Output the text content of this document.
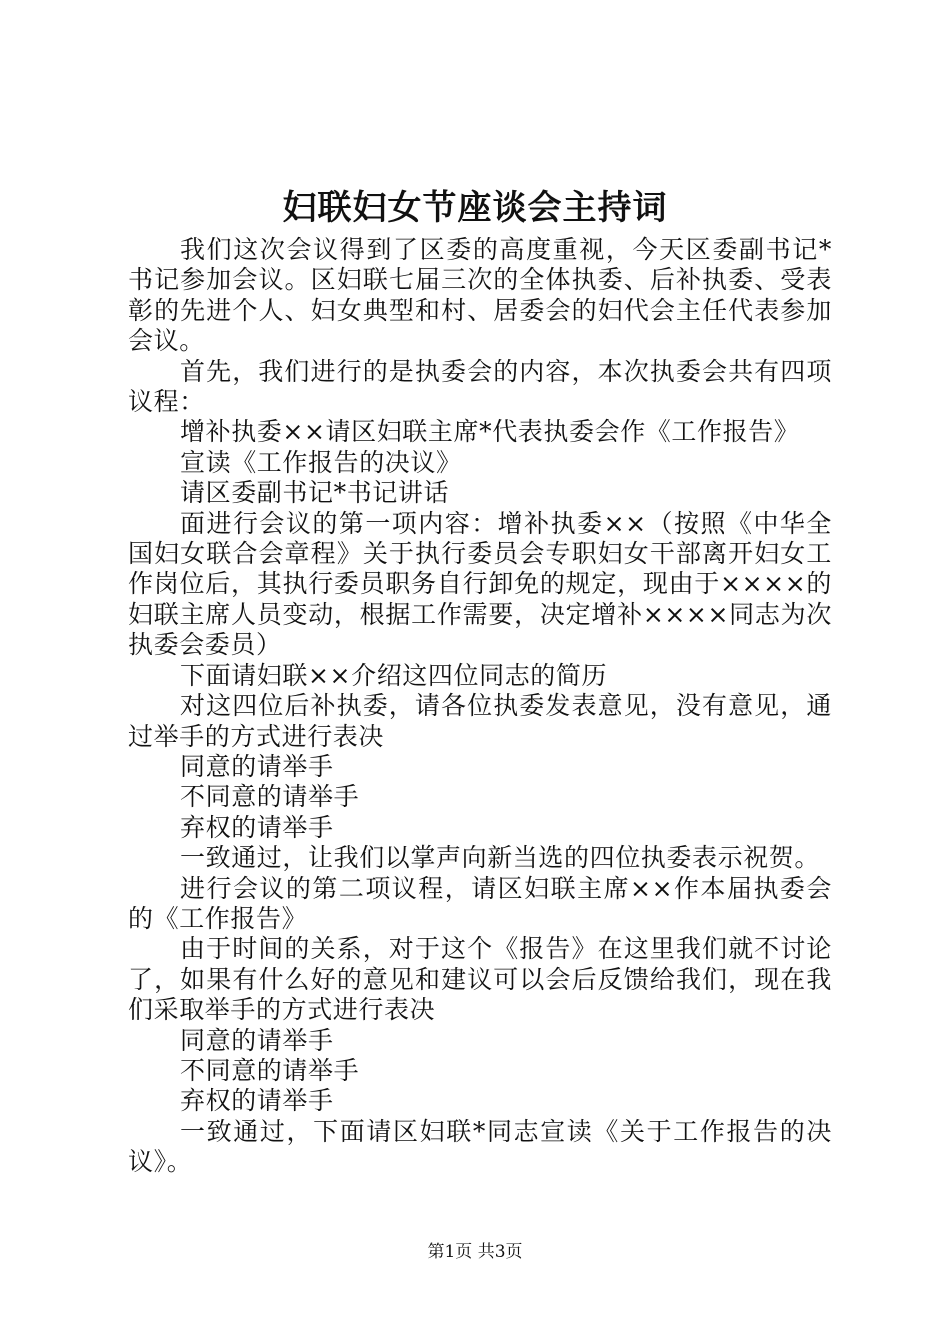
妇联妇女节座谈会主持词

我们这次会议得到了区委的高度重视，今天区委副书记*书记参加会议。区妇联七届三次的全体执委、后补执委、受表彰的先进个人、妇女典型和村、居委会的妇代会主任代表参加会议。

首先，我们进行的是执委会的内容，本次执委会共有四项议程：

增补执委××请区妇联主席*代表执委会作《工作报告》

宣读《工作报告的决议》

请区委副书记*书记讲话

面进行会议的第一项内容：增补执委××（按照《中华全国妇女联合会章程》关于执行委员会专职妇女干部离开妇女工作岗位后，其执行委员职务自行卸免的规定，现由于××××的妇联主席人员变动，根据工作需要，决定增补××××同志为次执委会委员）

下面请妇联××介绍这四位同志的简历

对这四位后补执委，请各位执委发表意见，没有意见，通过举手的方式进行表决

同意的请举手

不同意的请举手

弃权的请举手

一致通过，让我们以掌声向新当选的四位执委表示祝贺。

进行会议的第二项议程，请区妇联主席××作本届执委会的《工作报告》

由于时间的关系，对于这个《报告》在这里我们就不讨论了，如果有什么好的意见和建议可以会后反馈给我们，现在我们采取举手的方式进行表决

同意的请举手

不同意的请举手

弃权的请举手

一致通过，下面请区妇联*同志宣读《关于工作报告的决议》。

第1页 共3页
